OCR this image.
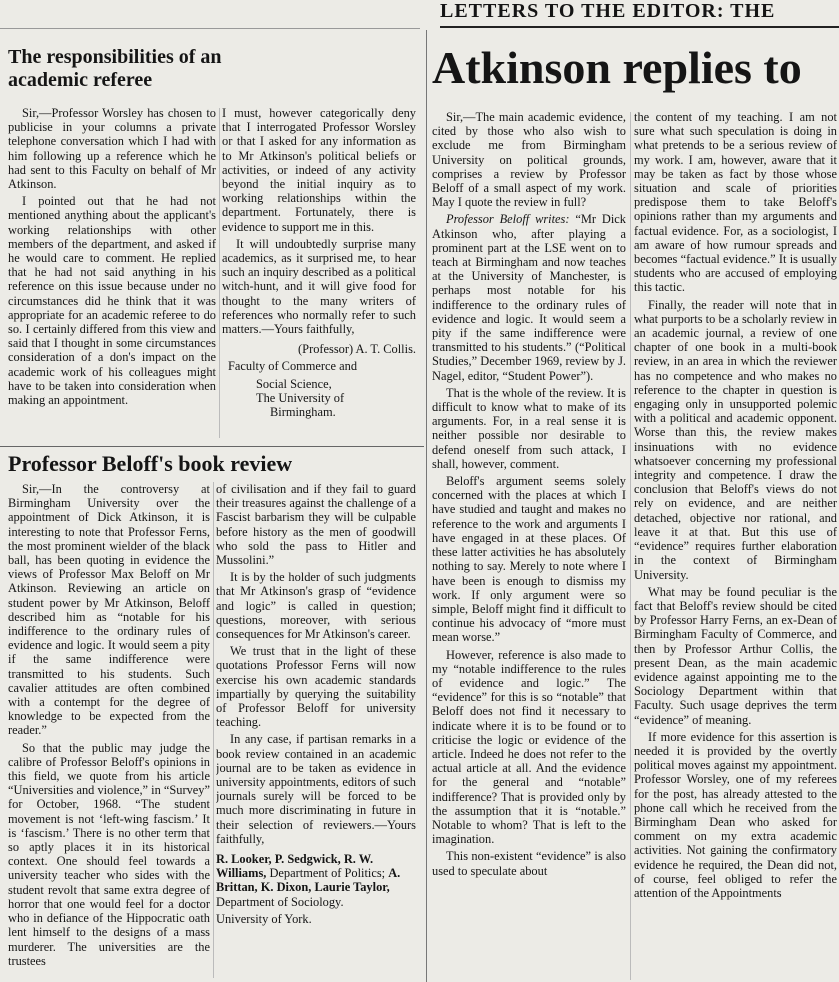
LETTERS TO THE EDITOR: THE
The responsibilities of an academic referee

Sir,—Professor Worsley has chosen to publicise in your columns a private telephone conversation which I had with him following up a reference which he had sent to this Faculty on behalf of Mr Atkinson.

I pointed out that he had not mentioned anything about the applicant's working relationships with other members of the department, and asked if he would care to comment. He replied that he had not said anything in his reference on this issue because under no circumstances did he think that it was appropriate for an academic referee to do so. I certainly differed from this view and said that I thought in some circumstances consideration of a don's impact on the academic work of his colleagues might have to be taken into consideration when making an appointment.

I must, however categorically deny that I interrogated Professor Worsley or that I asked for any information as to Mr Atkinson's political beliefs or activities, or indeed of any activity beyond the initial inquiry as to working relationships within the department. Fortunately, there is evidence to support me in this.

It will undoubtedly surprise many academics, as it surprised me, to hear such an inquiry described as a political witch-hunt, and it will give food for thought to the many writers of references who normally refer to such matters.—Yours faithfully,

(Professor) A. T. Collis.

Faculty of Commerce and

Social Science,

The University of

Birmingham.

Professor Beloff's book review

Sir,—In the controversy at Birmingham University over the appointment of Dick Atkinson, it is interesting to note that Professor Ferns, the most prominent wielder of the black ball, has been quoting in evidence the views of Professor Max Beloff on Mr Atkinson. Reviewing an article on student power by Mr Atkinson, Beloff described him as “notable for his indifference to the ordinary rules of evidence and logic. It would seem a pity if the same indifference were transmitted to his students. Such cavalier attitudes are often combined with a contempt for the degree of knowledge to be expected from the reader.”

So that the public may judge the calibre of Professor Beloff's opinions in this field, we quote from his article “Universities and violence,” in “Survey” for October, 1968. “The student movement is not ‘left-wing fascism.’ It is ‘fascism.’ There is no other term that so aptly places it in its historical context. One should feel towards a university teacher who sides with the student revolt that same extra degree of horror that one would feel for a doctor who in defiance of the Hippocratic oath lent himself to the designs of a mass murderer. The universities are the trustees

of civilisation and if they fail to guard their treasures against the challenge of a Fascist barbarism they will be culpable before history as the men of goodwill who sold the pass to Hitler and Mussolini.”

It is by the holder of such judgments that Mr Atkinson's grasp of “evidence and logic” is called in question; questions, moreover, with serious consequences for Mr Atkinson's career.

We trust that in the light of these quotations Professor Ferns will now exercise his own academic standards impartially by querying the suitability of Professor Beloff for university teaching.

In any case, if partisan remarks in a book review contained in an academic journal are to be taken as evidence in university appointments, editors of such journals surely will be forced to be much more discriminating in future in their selection of reviewers.—Yours faithfully,

R. Looker, P. Sedgwick, R. W. Williams, Department of Politics; A. Brittan, K. Dixon, Laurie Taylor, Department of Sociology.

University of York.

Atkinson replies to

Sir,—The main academic evidence, cited by those who also wish to exclude me from Birmingham University on political grounds, comprises a review by Professor Beloff of a small aspect of my work. May I quote the review in full?

Professor Beloff writes: “Mr Dick Atkinson who, after playing a prominent part at the LSE went on to teach at Birmingham and now teaches at the University of Manchester, is perhaps most notable for his indifference to the ordinary rules of evidence and logic. It would seem a pity if the same indifference were transmitted to his students.” (“Political Studies,” December 1969, review by J. Nagel, editor, “Student Power”).

That is the whole of the review. It is difficult to know what to make of its arguments. For, in a real sense it is neither possible nor desirable to defend oneself from such attack, I shall, however, comment.

Beloff's argument seems solely concerned with the places at which I have studied and taught and makes no reference to the work and arguments I have engaged in at these places. Of these latter activities he has absolutely nothing to say. Merely to note where I have been is enough to dismiss my work. If only argument were so simple, Beloff might find it difficult to continue his advocacy of “more must mean worse.”

However, reference is also made to my “notable indifference to the rules of evidence and logic.” The “evidence” for this is so “notable” that Beloff does not find it necessary to indicate where it is to be found or to criticise the logic or evidence of the article. Indeed he does not refer to the actual article at all. And the evidence for the general and “notable” indifference? That is provided only by the assumption that it is “notable.” Notable to whom? That is left to the imagination.

This non-existent “evidence” is also used to speculate about

the content of my teaching. I am not sure what such speculation is doing in what pretends to be a serious review of my work. I am, however, aware that it may be taken as fact by those whose situation and scale of priorities predispose them to take Beloff's opinions rather than my arguments and factual evidence. For, as a sociologist, I am aware of how rumour spreads and becomes “factual evidence.” It is usually students who are accused of employing this tactic.

Finally, the reader will note that in what purports to be a scholarly review in an academic journal, a review of one chapter of one book in a multi-book review, in an area in which the reviewer has no competence and who makes no reference to the chapter in question is engaging only in unsupported polemic with a political and academic opponent. Worse than this, the review makes insinuations with no evidence whatsoever concerning my professional integrity and competence. I draw the conclusion that Beloff's views do not rely on evidence, and are neither detached, objective nor rational, and leave it at that. But this use of “evidence” requires further elaboration in the context of Birmingham University.

What may be found peculiar is the fact that Beloff's review should be cited by Professor Harry Ferns, an ex-Dean of Birmingham Faculty of Commerce, and then by Professor Arthur Collis, the present Dean, as the main academic evidence against appointing me to the Sociology Department within that Faculty. Such usage deprives the term “evidence” of meaning.

If more evidence for this assertion is needed it is provided by the overtly political moves against my appointment. Professor Worsley, one of my referees for the post, has already attested to the phone call which he received from the Birmingham Dean who asked for comment on my extra academic activities. Not gaining the confirmatory evidence he required, the Dean did not, of course, feel obliged to refer the attention of the Appointments
